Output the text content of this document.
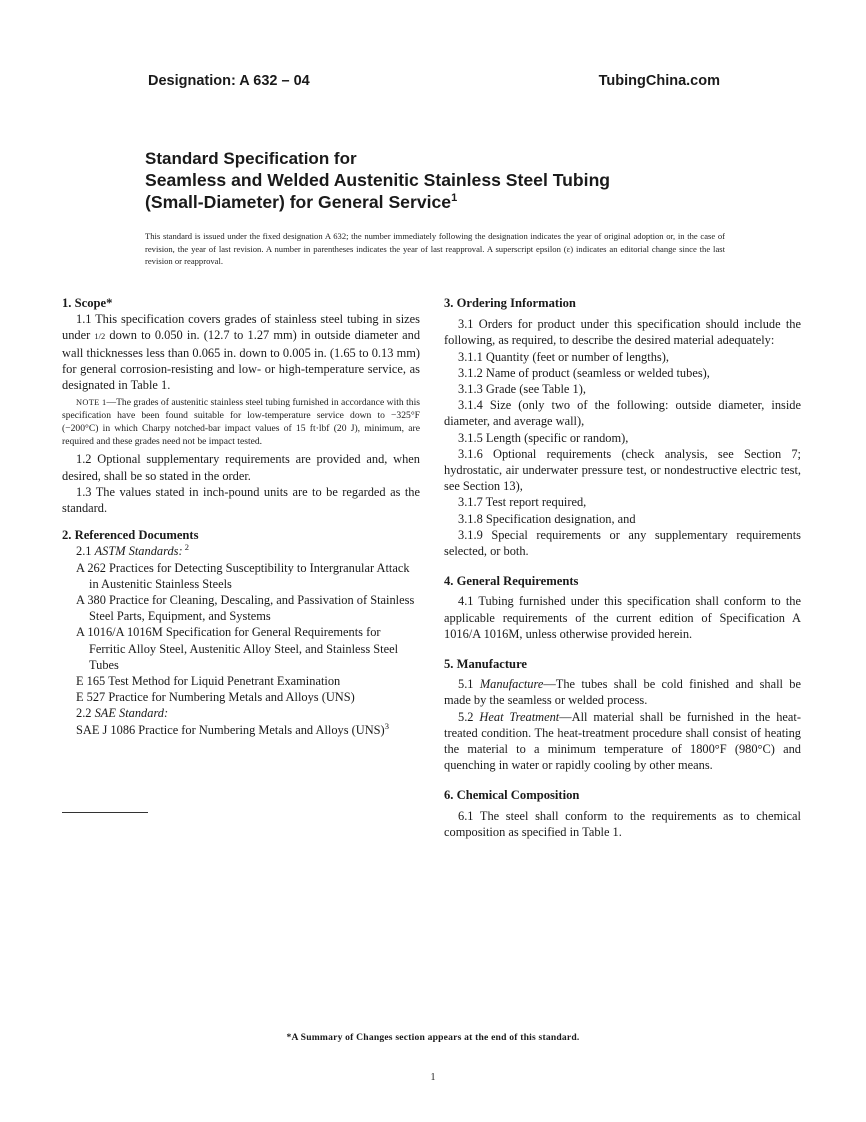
Designation: A 632 – 04	TubingChina.com
Standard Specification for
Seamless and Welded Austenitic Stainless Steel Tubing
(Small-Diameter) for General Service$^1$
This standard is issued under the fixed designation A 632; the number immediately following the designation indicates the year of original adoption or, in the case of revision, the year of last revision. A number in parentheses indicates the year of last reapproval. A superscript epsilon (ε) indicates an editorial change since the last revision or reapproval.

1. Scope*

1.1 This specification covers grades of stainless steel tubing in sizes under 1/2 down to 0.050 in. (12.7 to 1.27 mm) in outside diameter and wall thicknesses less than 0.065 in. down to 0.005 in. (1.65 to 0.13 mm) for general corrosion-resisting and low- or high-temperature service, as designated in Table 1.

NOTE 1—The grades of austenitic stainless steel tubing furnished in accordance with this specification have been found suitable for low-temperature service down to −325°F (−200°C) in which Charpy notched-bar impact values of 15 ft·lbf (20 J), minimum, are required and these grades need not be impact tested.

1.2 Optional supplementary requirements are provided and, when desired, shall be so stated in the order.

1.3 The values stated in inch-pound units are to be regarded as the standard.

2. Referenced Documents

2.1 ASTM Standards: $^2$

A 262 Practices for Detecting Susceptibility to Intergranular Attack in Austenitic Stainless Steels

A 380 Practice for Cleaning, Descaling, and Passivation of Stainless Steel Parts, Equipment, and Systems

A 1016/A 1016M Specification for General Requirements for Ferritic Alloy Steel, Austenitic Alloy Steel, and Stainless Steel Tubes

E 165 Test Method for Liquid Penetrant Examination

E 527 Practice for Numbering Metals and Alloys (UNS)

2.2 SAE Standard:

SAE J 1086 Practice for Numbering Metals and Alloys (UNS)$^3$

3. Ordering Information

3.1 Orders for product under this specification should include the following, as required, to describe the desired material adequately:

3.1.1 Quantity (feet or number of lengths),

3.1.2 Name of product (seamless or welded tubes),

3.1.3 Grade (see Table 1),

3.1.4 Size (only two of the following: outside diameter, inside diameter, and average wall),

3.1.5 Length (specific or random),

3.1.6 Optional requirements (check analysis, see Section 7; hydrostatic, air underwater pressure test, or nondestructive electric test, see Section 13),

3.1.7 Test report required,

3.1.8 Specification designation, and

3.1.9 Special requirements or any supplementary requirements selected, or both.

4. General Requirements

4.1 Tubing furnished under this specification shall conform to the applicable requirements of the current edition of Specification A 1016/A 1016M, unless otherwise provided herein.

5. Manufacture

5.1 Manufacture—The tubes shall be cold finished and shall be made by the seamless or welded process.

5.2 Heat Treatment—All material shall be furnished in the heat-treated condition. The heat-treatment procedure shall consist of heating the material to a minimum temperature of 1800°F (980°C) and quenching in water or rapidly cooling by other means.

6. Chemical Composition

6.1 The steel shall conform to the requirements as to chemical composition as specified in Table 1.

*A Summary of Changes section appears at the end of this standard.
1
